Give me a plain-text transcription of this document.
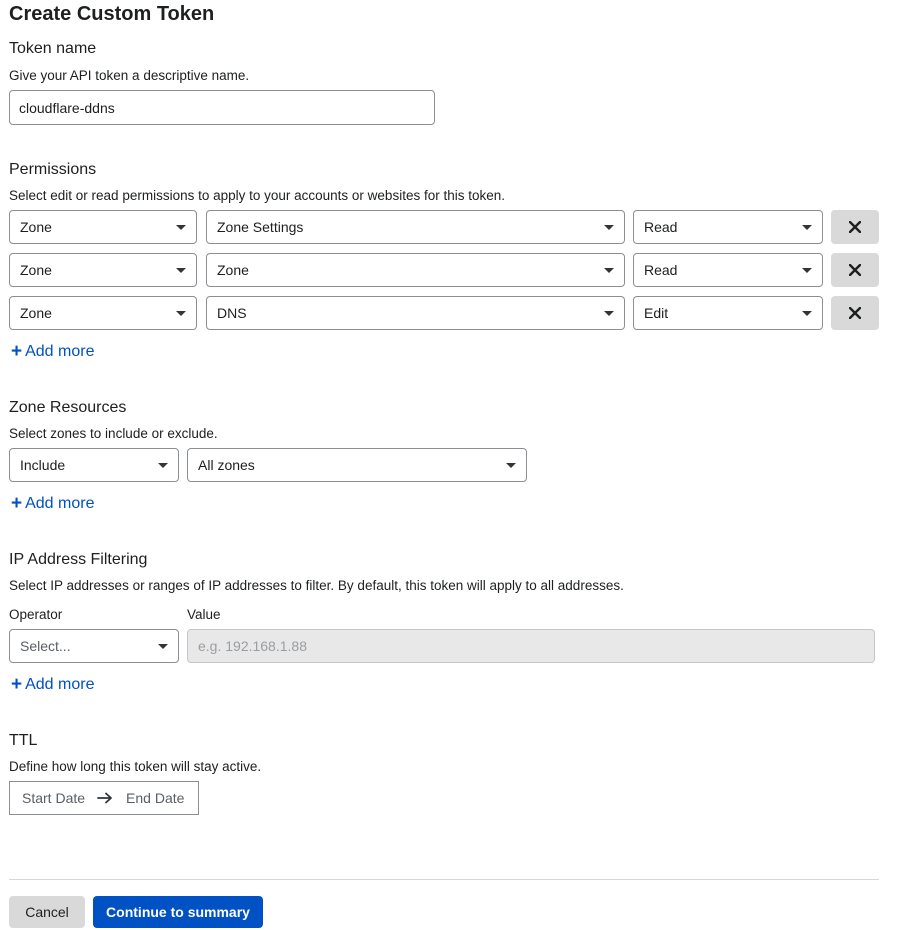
Create Custom Token
Token name
Give your API token a descriptive name.
cloudflare-ddns
Permissions
Select edit or read permissions to apply to your accounts or websites for this token.
Zone	Zone Settings	Read
Zone	Zone	Read
Zone	DNS	Edit
+ Add more
Zone Resources
Select zones to include or exclude.
Include	All zones
+ Add more
IP Address Filtering
Select IP addresses or ranges of IP addresses to filter. By default, this token will apply to all addresses.
Operator	Value
Select...	e.g. 192.168.1.88
+ Add more
TTL
Define how long this token will stay active.
Start Date	End Date
Cancel	Continue to summary
